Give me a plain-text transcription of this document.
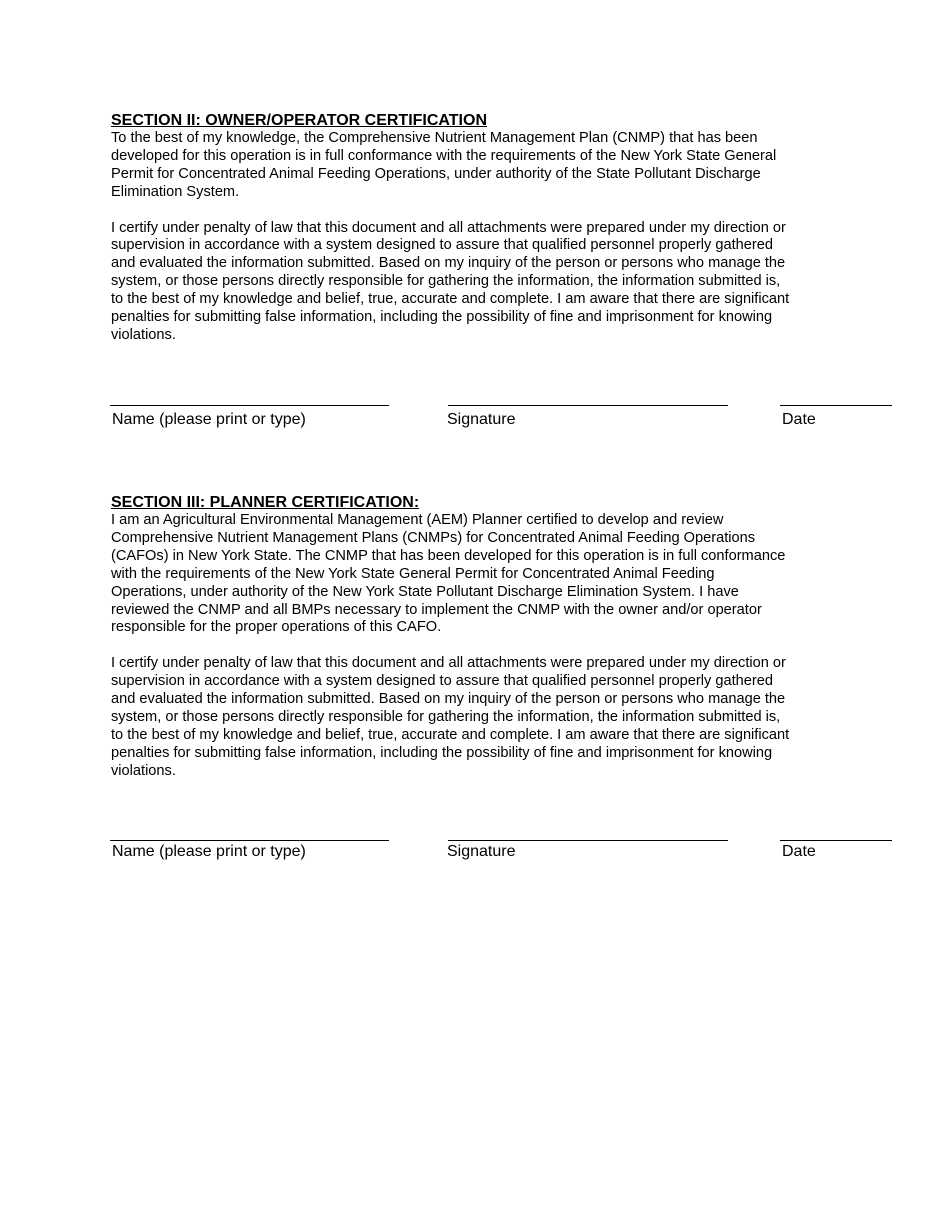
SECTION II: OWNER/OPERATOR CERTIFICATION

To the best of my knowledge, the Comprehensive Nutrient Management Plan (CNMP) that has been
developed for this operation is in full conformance with the requirements of the New York State General
Permit for Concentrated Animal Feeding Operations, under authority of the State Pollutant Discharge
Elimination System.

I certify under penalty of law that this document and all attachments were prepared under my direction or
supervision in accordance with a system designed to assure that qualified personnel properly gathered
and evaluated the information submitted. Based on my inquiry of the person or persons who manage the
system, or those persons directly responsible for gathering the information, the information submitted is,
to the best of my knowledge and belief, true, accurate and complete. I am aware that there are significant
penalties for submitting false information, including the possibility of fine and imprisonment for knowing
violations.

Name (please print or type)	Signature	Date

SECTION III: PLANNER CERTIFICATION:

I am an Agricultural Environmental Management (AEM) Planner certified to develop and review
Comprehensive Nutrient Management Plans (CNMPs) for Concentrated Animal Feeding Operations
(CAFOs) in New York State. The CNMP that has been developed for this operation is in full conformance
with the requirements of the New York State General Permit for Concentrated Animal Feeding
Operations, under authority of the New York State Pollutant Discharge Elimination System. I have
reviewed the CNMP and all BMPs necessary to implement the CNMP with the owner and/or operator
responsible for the proper operations of this CAFO.

I certify under penalty of law that this document and all attachments were prepared under my direction or
supervision in accordance with a system designed to assure that qualified personnel properly gathered
and evaluated the information submitted. Based on my inquiry of the person or persons who manage the
system, or those persons directly responsible for gathering the information, the information submitted is,
to the best of my knowledge and belief, true, accurate and complete. I am aware that there are significant
penalties for submitting false information, including the possibility of fine and imprisonment for knowing
violations.

Name (please print or type)	Signature	Date
